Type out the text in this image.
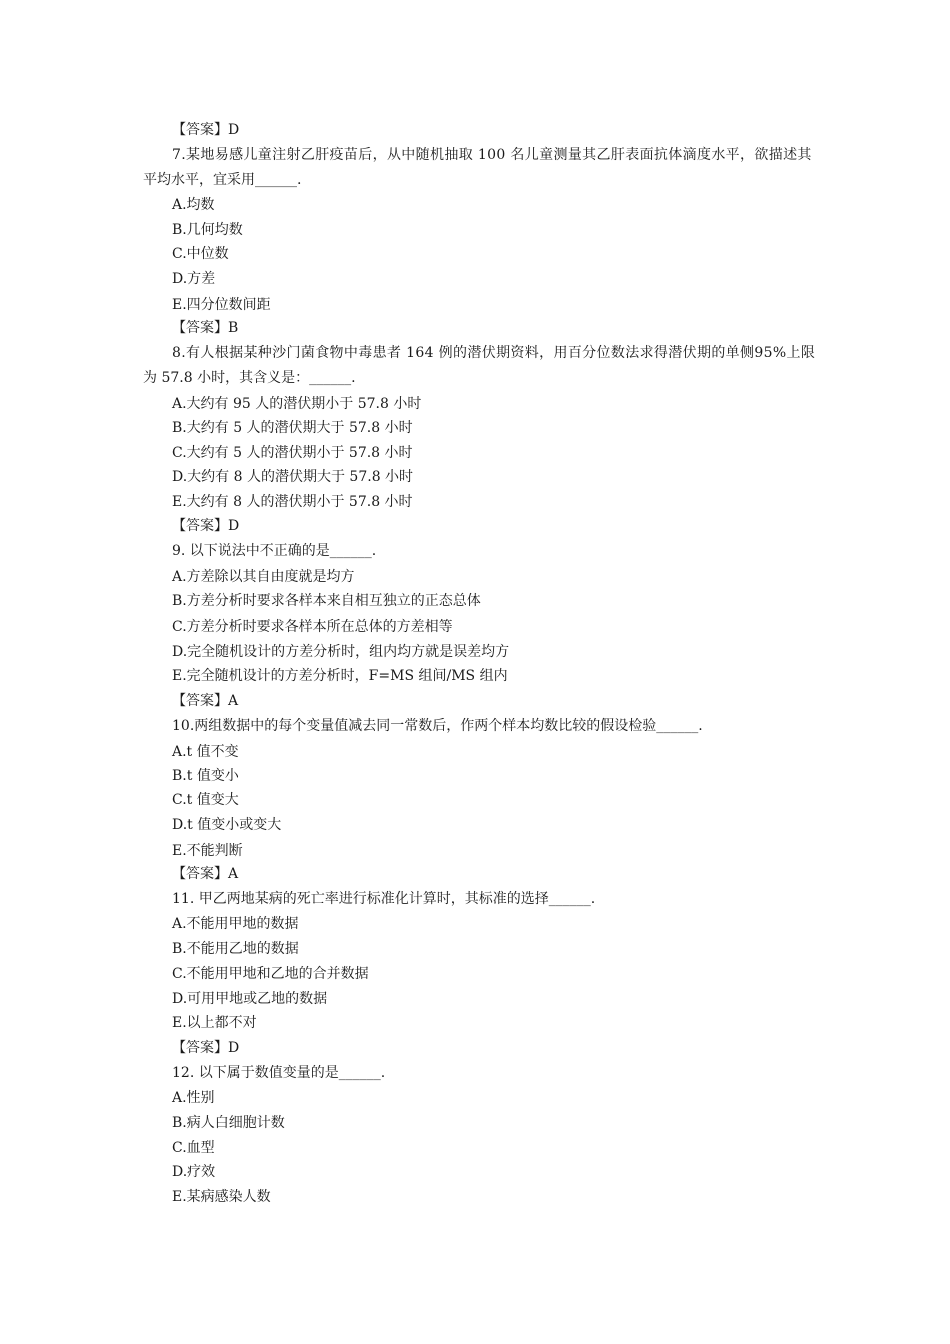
【答案】D
7.某地易感儿童注射乙肝疫苗后，从中随机抽取 100 名儿童测量其乙肝表面抗体滴度水平，欲描述其
平均水平，宜采用______.
A.均数
B.几何均数
C.中位数
D.方差
E.四分位数间距
【答案】B
8.有人根据某种沙门菌食物中毒患者 164 例的潜伏期资料，用百分位数法求得潜伏期的单侧95%上限
为 57.8 小时，其含义是：______.
A.大约有 95 人的潜伏期小于 57.8 小时
B.大约有 5 人的潜伏期大于 57.8 小时
C.大约有 5 人的潜伏期小于 57.8 小时
D.大约有 8 人的潜伏期大于 57.8 小时
E.大约有 8 人的潜伏期小于 57.8 小时
【答案】D
9. 以下说法中不正确的是______.
A.方差除以其自由度就是均方
B.方差分析时要求各样本来自相互独立的正态总体
C.方差分析时要求各样本所在总体的方差相等
D.完全随机设计的方差分析时，组内均方就是误差均方
E.完全随机设计的方差分析时，F=MS 组间/MS 组内
【答案】A
10.两组数据中的每个变量值减去同一常数后，作两个样本均数比较的假设检验______.
A.t 值不变
B.t 值变小
C.t 值变大
D.t 值变小或变大
E.不能判断
【答案】A
11. 甲乙两地某病的死亡率进行标准化计算时，其标准的选择______.
A.不能用甲地的数据
B.不能用乙地的数据
C.不能用甲地和乙地的合并数据
D.可用甲地或乙地的数据
E.以上都不对
【答案】D
12. 以下属于数值变量的是______.
A.性别
B.病人白细胞计数
C.血型
D.疗效
E.某病感染人数
